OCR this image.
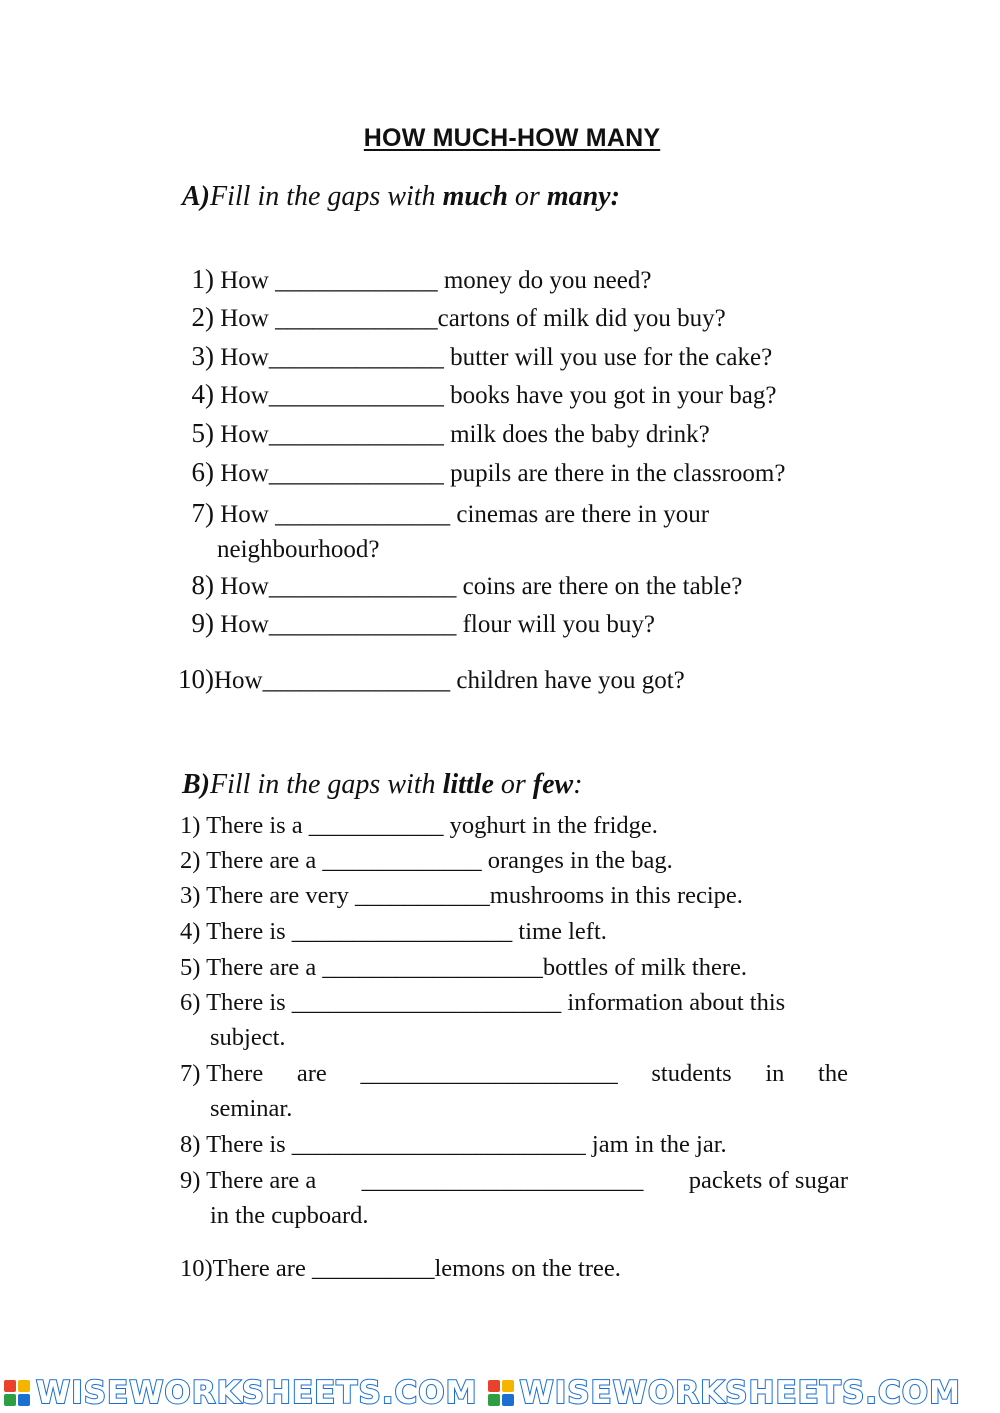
HOW MUCH-HOW MANY
A)Fill in the gaps with much or many:
1) How _____________ money do you need?
2) How _____________cartons of milk did you buy?
3) How______________ butter will you use for the cake?
4) How______________ books have you got in your bag?
5) How______________ milk does the baby drink?
6) How______________ pupils are there in the classroom?
7) How ______________ cinemas are there in your
neighbourhood?
8) How_______________ coins are there on the table?
9) How_______________ flour will you buy?
10)How_______________ children have you got?
B)Fill in the gaps with little or few:
1) There is a ___________ yoghurt in the fridge.
2) There are a _____________ oranges in the bag.
3) There are very ___________mushrooms in this recipe.
4) There is __________________ time left.
5) There are a __________________bottles of milk there.
6) There is ______________________ information about this
subject.
7) There are _____________________ students in the
seminar.
8) There is ________________________ jam in the jar.
9) There are a _______________________ packets of sugar
in the cupboard.
10)There are __________lemons on the tree.
WISEWORKSHEETS.COM WISEWORKSHEETS.COM
